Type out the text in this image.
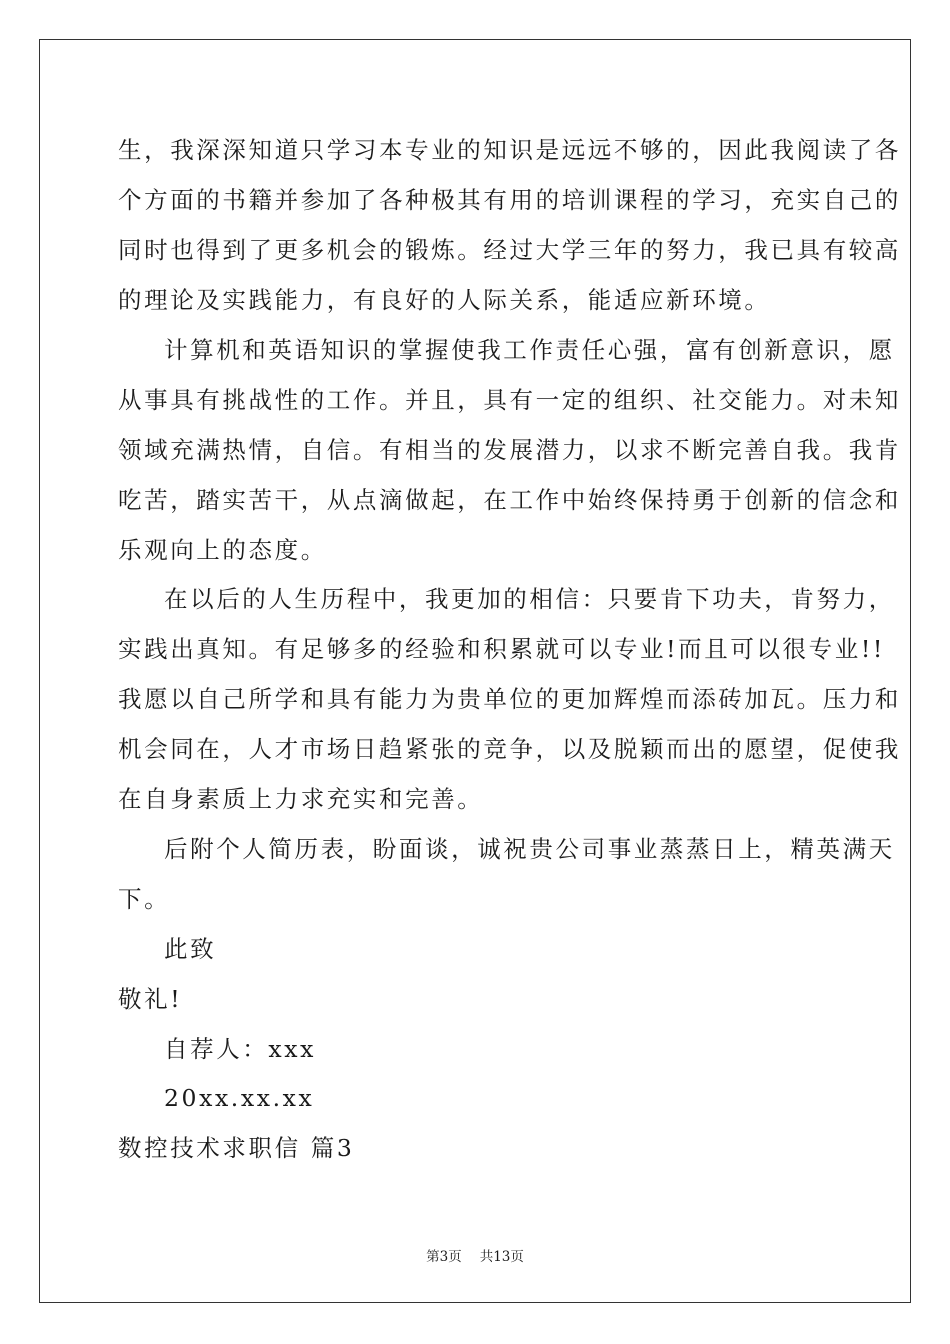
生，我深深知道只学习本专业的知识是远远不够的，因此我阅读了各

个方面的书籍并参加了各种极其有用的培训课程的学习，充实自己的

同时也得到了更多机会的锻炼。经过大学三年的努力，我已具有较高

的理论及实践能力，有良好的人际关系，能适应新环境。

计算机和英语知识的掌握使我工作责任心强，富有创新意识，愿

从事具有挑战性的工作。并且，具有一定的组织、社交能力。对未知

领域充满热情，自信。有相当的发展潜力，以求不断完善自我。我肯

吃苦，踏实苦干，从点滴做起，在工作中始终保持勇于创新的信念和

乐观向上的态度。

在以后的人生历程中，我更加的相信：只要肯下功夫，肯努力，

实践出真知。有足够多的经验和积累就可以专业!而且可以很专业!!

我愿以自己所学和具有能力为贵单位的更加辉煌而添砖加瓦。压力和

机会同在，人才市场日趋紧张的竞争，以及脱颖而出的愿望，促使我

在自身素质上力求充实和完善。

后附个人简历表，盼面谈，诚祝贵公司事业蒸蒸日上，精英满天

下。

此致

敬礼!

自荐人：xxx

20xx.xx.xx

数控技术求职信 篇3

第3页 共13页
